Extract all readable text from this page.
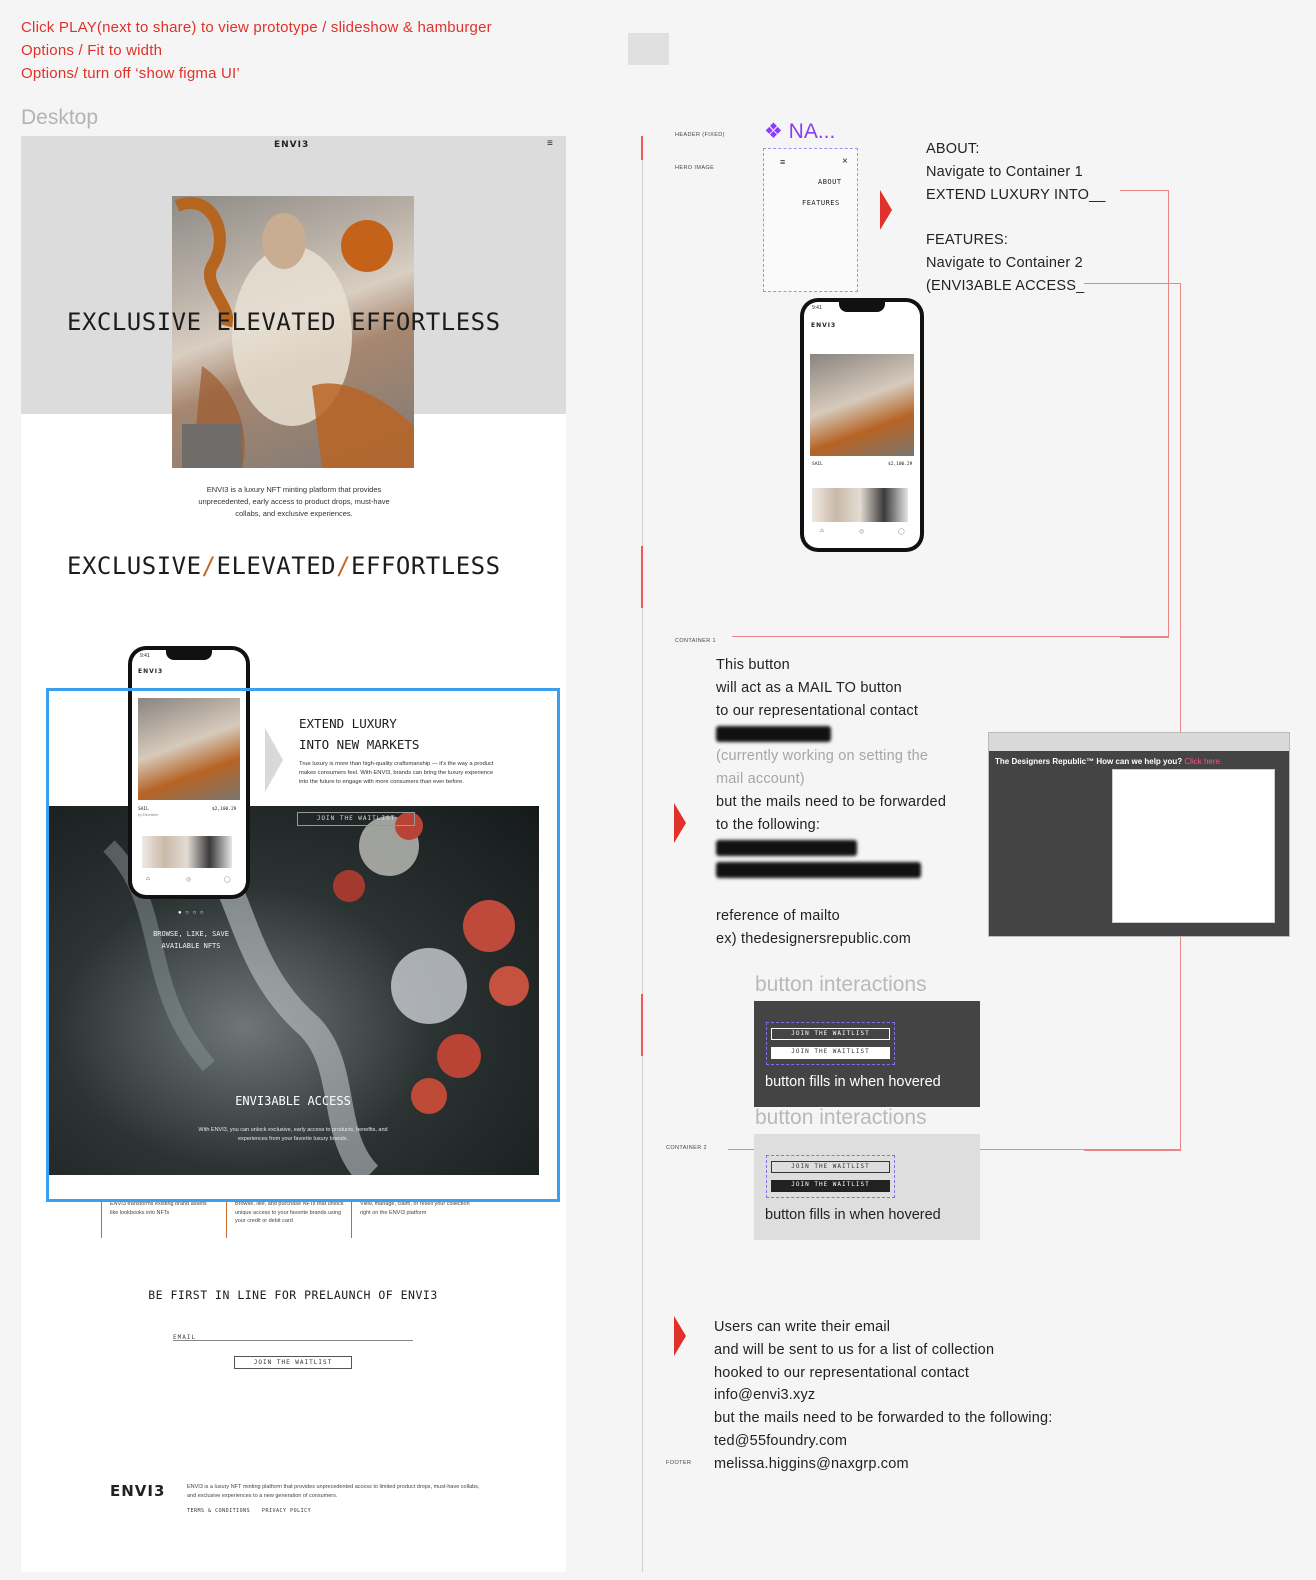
Click PLAY(next to share) to view prototype / slideshow & hamburger
Options / Fit to width
Options/ turn off ‘show figma UI’
Desktop
ENVI3	≡
EXCLUSIVE ELEVATED EFFORTLESS
ENVI3 is a luxury NFT minting platform that provides unprecedented, early access to product drops, must-have collabs, and exclusive experiences.
EXCLUSIVE/ELEVATED/EFFORTLESS
EXTEND LUXURY
INTO NEW MARKETS
True luxury is more than high-quality craftsmanship — it's the way a product makes consumers feel. With ENVI3, brands can bring the luxury experience into the future to engage with more consumers than ever before.
JOIN THE WAITLIST
9:41
ENVI3
SAIL
by Elevnable
$2,100.29
⌂	◎	◯
● ○ ○ ○
BROWSE, LIKE, SAVE
AVAILABLE NFTS
ENVI3ABLE ACCESS
With ENVI3, you can unlock exclusive, early access to products, benefits, and experiences from your favorite luxury brands.
ENVI3 transforms existing brand assets like lookbooks into NFTs
Browse, like, and purchase NFTs that unlock unique access to your favorite brands using your credit or debit card
View, manage, claim, or resell your collection right on the ENVI3 platform
BE FIRST IN LINE FOR PRELAUNCH OF ENVI3
EMAIL
JOIN THE WAITLIST
ENVI3	ENVI3 is a luxury NFT minting platform that provides unprecedented access to limited product drops, must-have collabs, and exclusive experiences to a new generation of consumers.
TERMS & CONDITIONS PRIVACY POLICY
HEADER (FIXED)
HERO IMAGE
CONTAINER 1
CONTAINER 2
FOOTER
❖ NA...
≡	×
ABOUT
FEATURES
ABOUT:
Navigate to Container 1
EXTEND LUXURY INTO__
FEATURES:
Navigate to Container 2
(ENVI3ABLE ACCESS_
9:41
ENVI3
SAIL	$2,100.29
⌂	◎	◯
This button
will act as a MAIL TO button
to our representational contact
(currently working on setting the
mail account)
but the mails need to be forwarded
to the following:
reference of mailto
ex) thedesignersrepublic.com
The Designers Republic™ How can we help you? Click here.
button interactions
JOIN THE WAITLIST
JOIN THE WAITLIST
button fills in when hovered
button interactions
JOIN THE WAITLIST
JOIN THE WAITLIST
button fills in when hovered
Users can write their email
and will be sent to us for a list of collection
hooked to our representational contact
info@envi3.xyz
but the mails need to be forwarded to the following:
ted@55foundry.com
melissa.higgins@naxgrp.com
